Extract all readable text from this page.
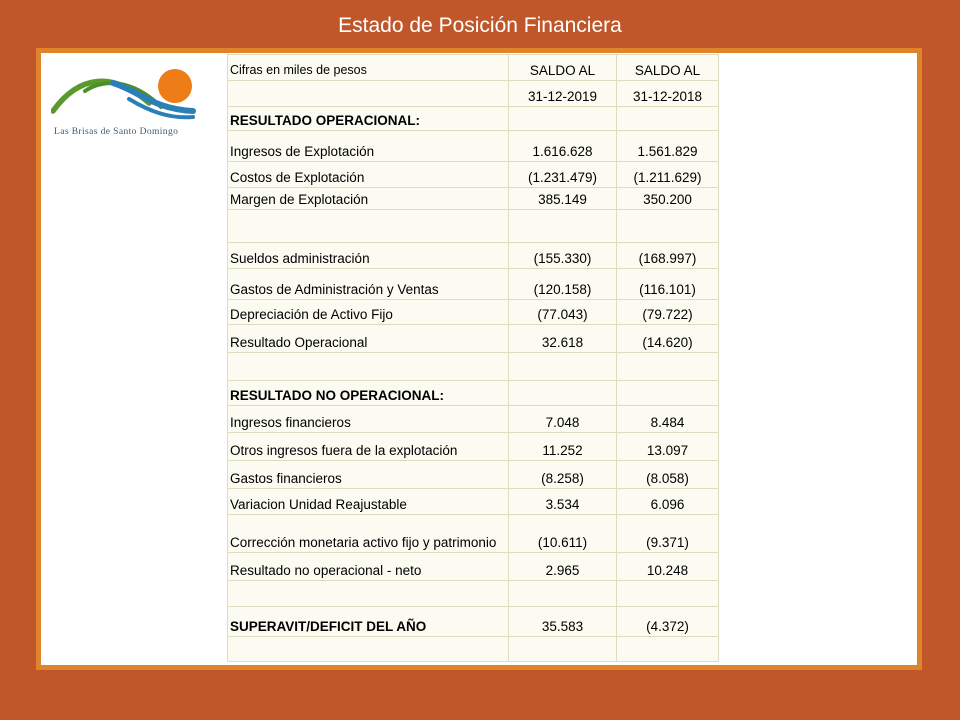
Estado de Posición Financiera
Las Brisas de Santo Domingo
Cifras en miles de pesos	SALDO AL	SALDO AL
	31-12-2019	31-12-2018
RESULTADO OPERACIONAL:		
Ingresos de Explotación	1.616.628	1.561.829
Costos de Explotación	(1.231.479)	(1.211.629)
Margen de Explotación	385.149	350.200

Sueldos administración	(155.330)	(168.997)
Gastos de Administración y Ventas	(120.158)	(116.101)
Depreciación de Activo Fijo	(77.043)	(79.722)
Resultado Operacional	32.618	(14.620)

RESULTADO NO OPERACIONAL:		
Ingresos financieros	7.048	8.484
Otros ingresos fuera de la explotación	11.252	13.097
Gastos financieros	(8.258)	(8.058)
Variacion Unidad Reajustable	3.534	6.096
Corrección monetaria activo fijo y patrimonio	(10.611)	(9.371)
Resultado no operacional - neto	2.965	10.248

SUPERAVIT/DEFICIT DEL AÑO	35.583	(4.372)
